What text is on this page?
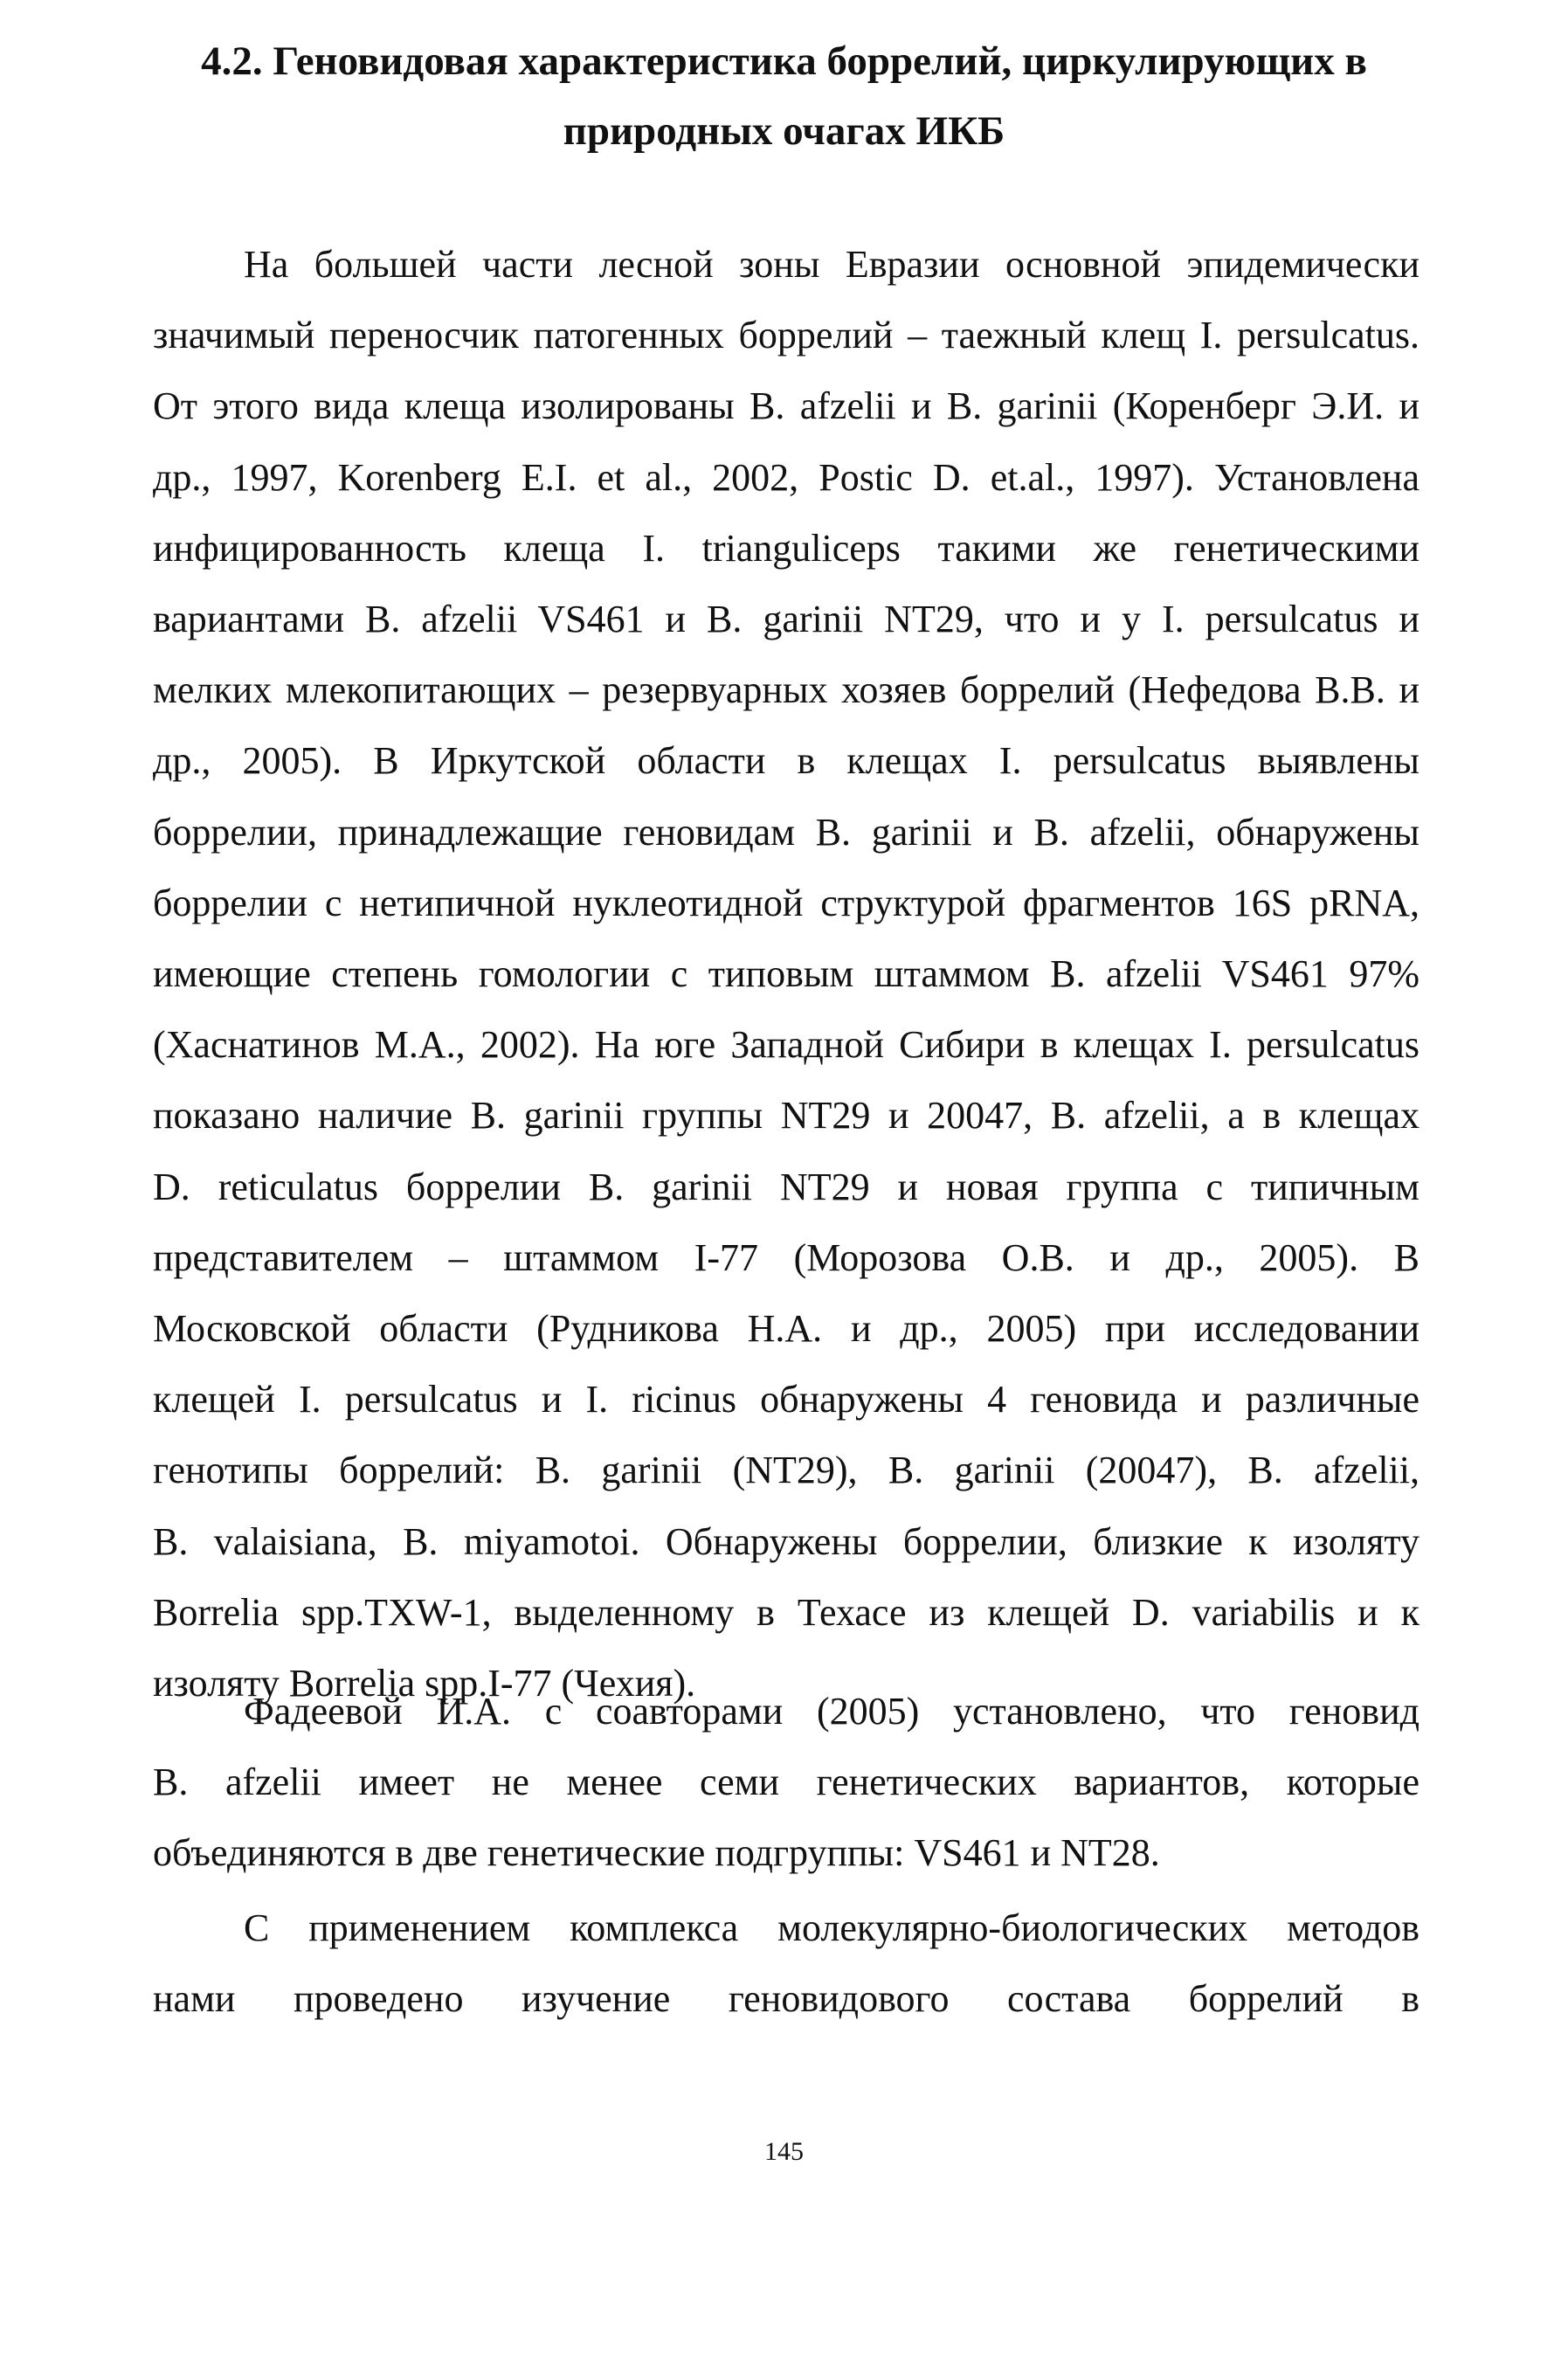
4.2. Геновидовая характеристика боррелий, циркулирующих в
природных очагах ИКБ
На большей части лесной зоны Евразии основной эпидемически
значимый переносчик патогенных боррелий – таежный клещ I. persulcatus.
От этого вида клеща изолированы B. afzelii и B. garinii (Коренберг Э.И. и
др., 1997, Korenberg E.I. et al., 2002, Postic D. et.al., 1997). Установлена
инфицированность клеща I. trianguliceps такими же генетическими
вариантами B. afzelii VS461 и B. garinii NT29, что и у I. persulcatus и
мелких млекопитающих – резервуарных хозяев боррелий (Нефедова В.В. и
др., 2005). В Иркутской области в клещах I. persulcatus выявлены
боррелии, принадлежащие геновидам B. garinii и B. afzelii, обнаружены
боррелии с нетипичной нуклеотидной структурой фрагментов 16S pRNA,
имеющие степень гомологии с типовым штаммом B. afzelii VS461 97%
(Хаснатинов М.А., 2002). На юге Западной Сибири в клещах I. persulcatus
показано наличие B. garinii группы NT29 и 20047, B. afzelii, а в клещах
D. reticulatus боррелии B. garinii NT29 и новая группа с типичным
представителем – штаммом I-77 (Морозова О.В. и др., 2005). В
Московской области (Рудникова Н.А. и др., 2005) при исследовании
клещей I. persulcatus и I. ricinus обнаружены 4 геновида и различные
генотипы боррелий: B. garinii (NT29), B. garinii (20047), B. afzelii,
B. valaisiana, B. miyamotoi. Обнаружены боррелии, близкие к изоляту
Borrelia spp.TXW-1, выделенному в Техасе из клещей D. variabilis и к
изоляту Borrelia spp.I-77 (Чехия).
Фадеевой И.А. с соавторами (2005) установлено, что геновид
B. afzelii имеет не менее семи генетических вариантов, которые
объединяются в две генетические подгруппы: VS461 и NT28.
С применением комплекса молекулярно-биологических методов
нами проведено изучение геновидового состава боррелий в
145
